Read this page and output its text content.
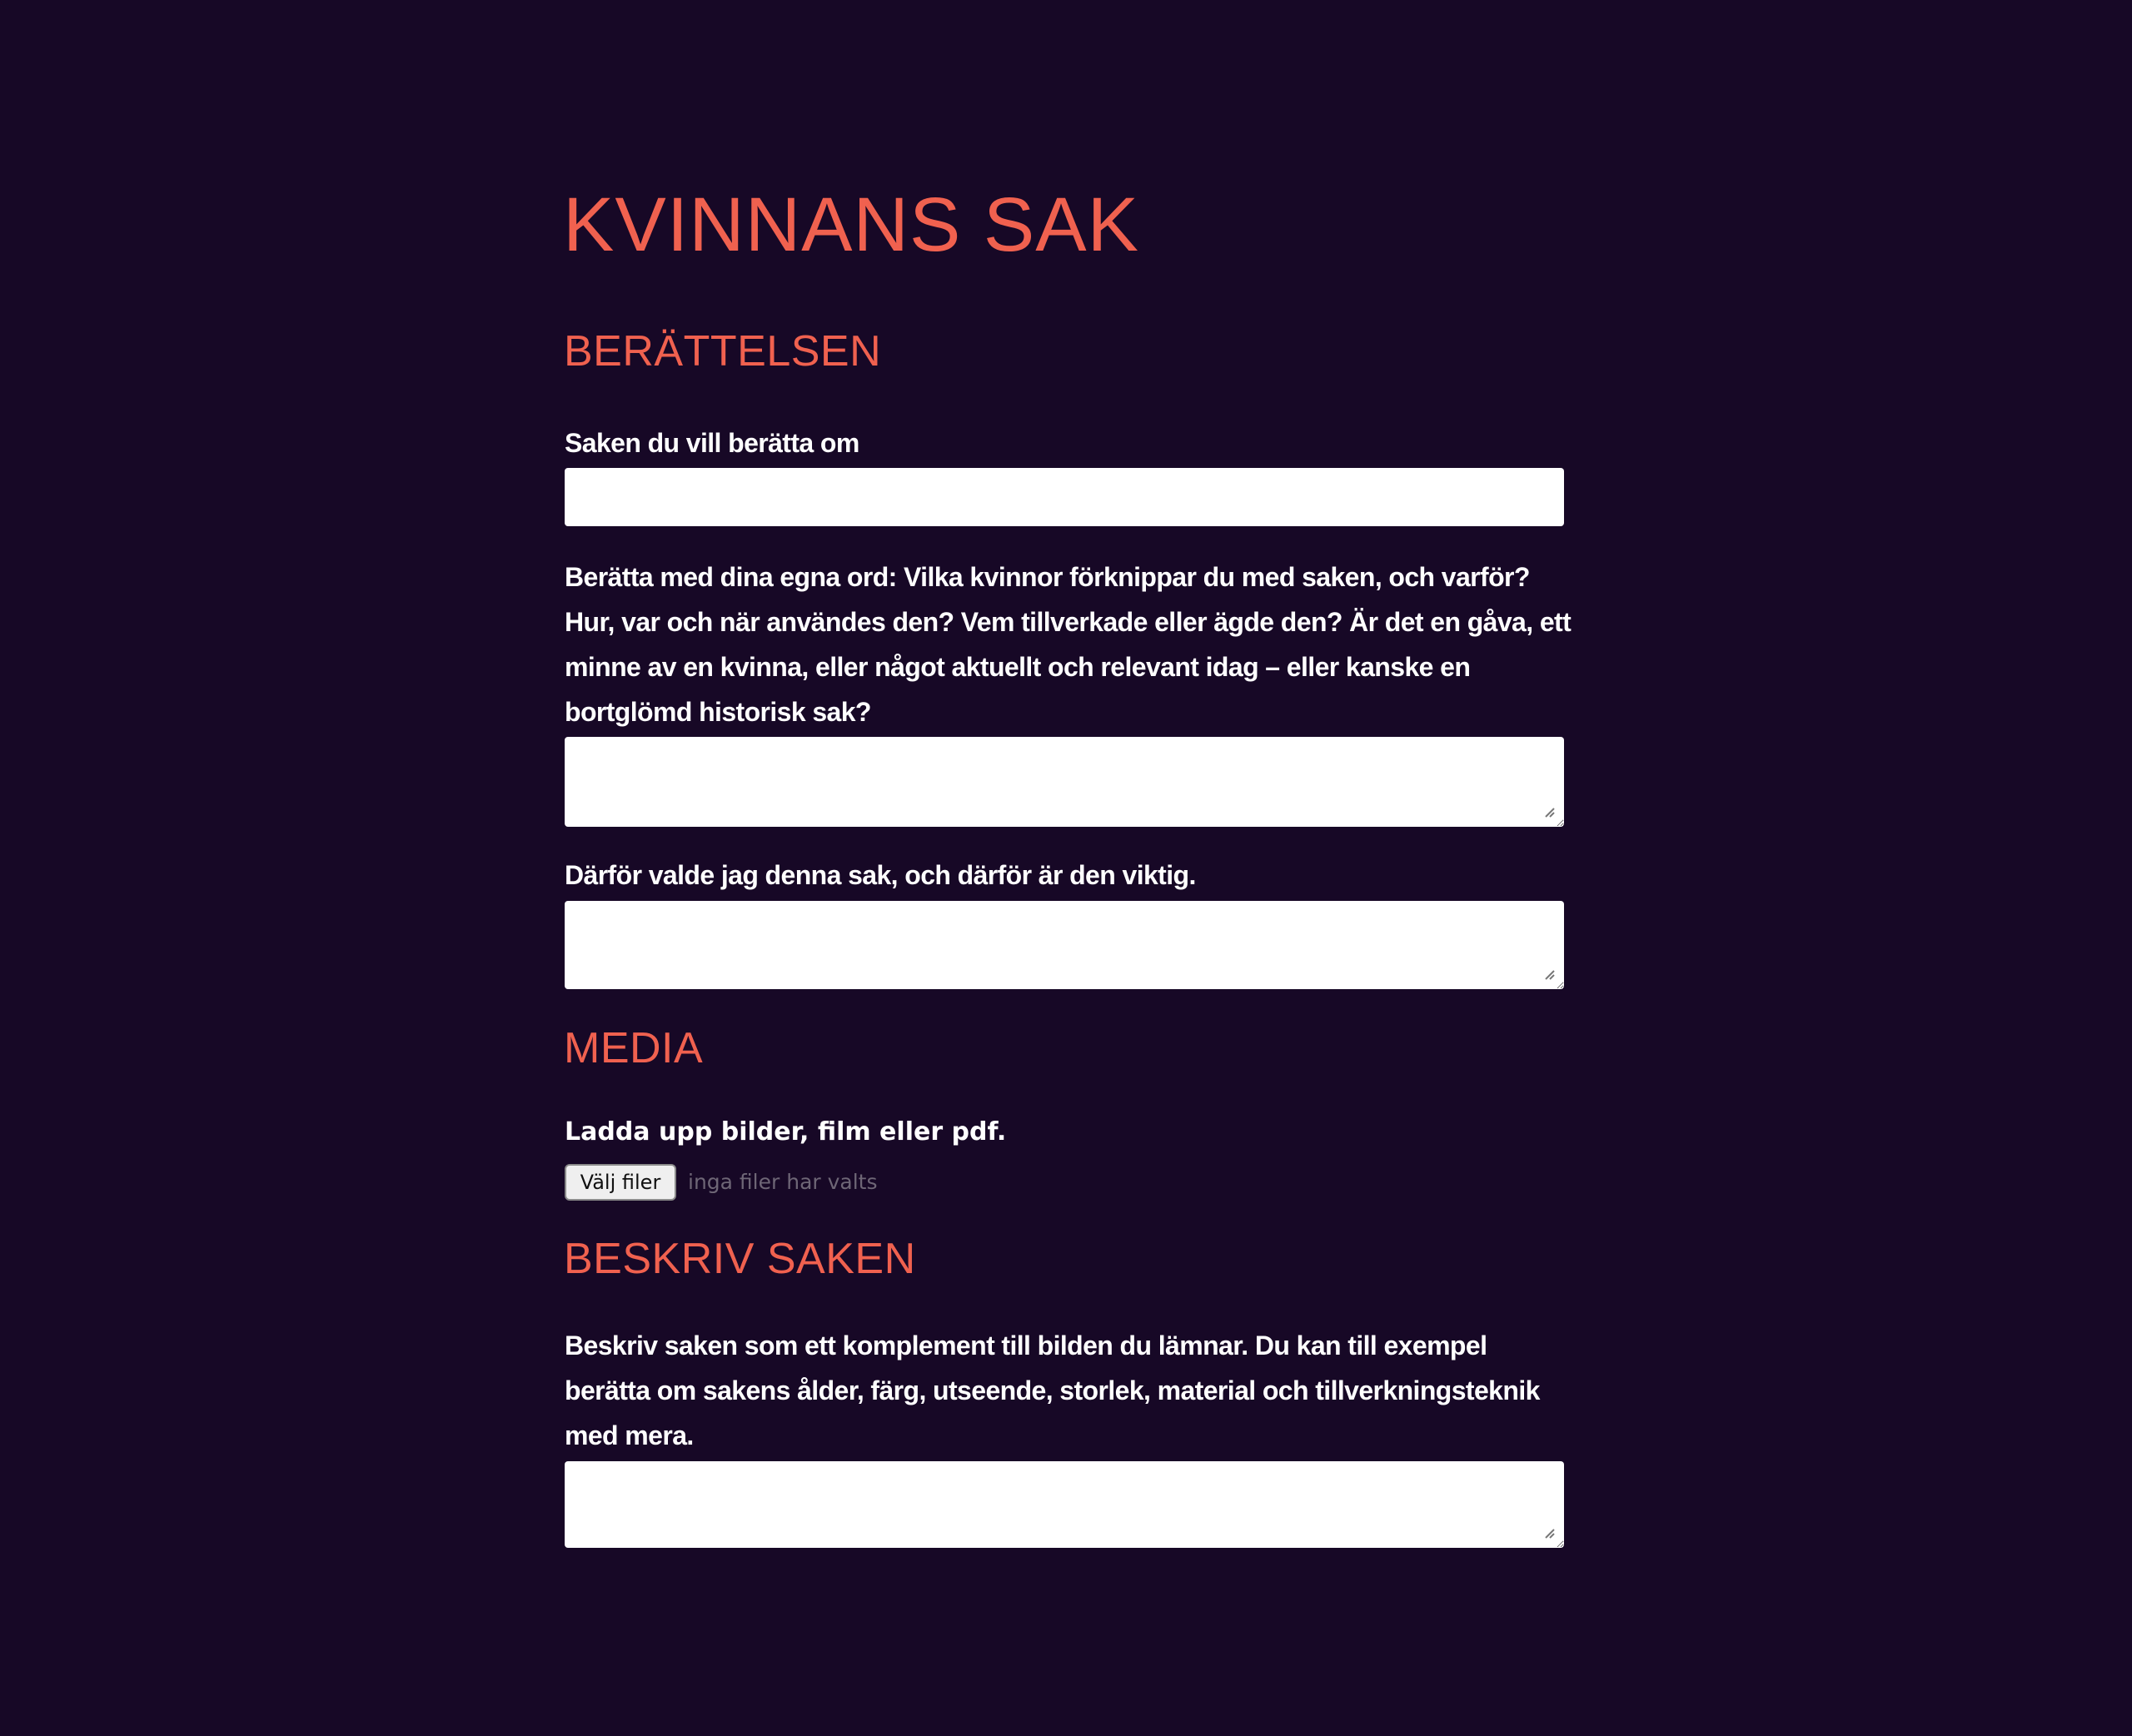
KVINNANS SAK
BERÄTTELSEN
Saken du vill berätta om
Berätta med dina egna ord: Vilka kvinnor förknippar du med saken, och varför? Hur, var och när användes den? Vem tillverkade eller ägde den? Är det en gåva, ett minne av en kvinna, eller något aktuellt och relevant idag – eller kanske en bortglömd historisk sak?
Därför valde jag denna sak, och därför är den viktig.
MEDIA
Ladda upp bilder, film eller pdf.
Välj filer	inga filer har valts
BESKRIV SAKEN
Beskriv saken som ett komplement till bilden du lämnar. Du kan till exempel berätta om sakens ålder, färg, utseende, storlek, material och tillverkningsteknik med mera.
